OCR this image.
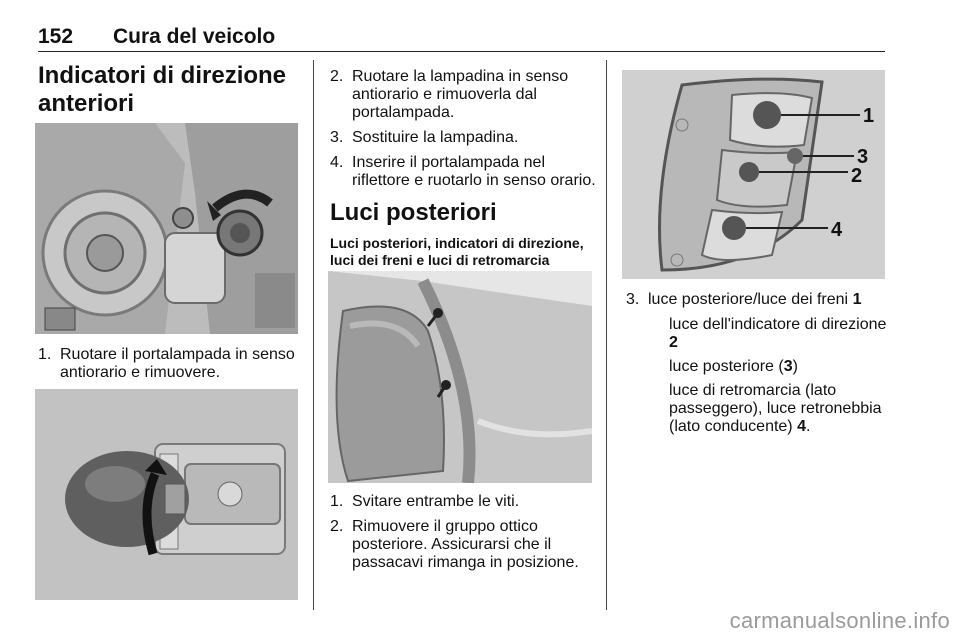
152 Cura del veicolo
Indicatori di direzione anteriori
1. Ruotare il portalampada in senso antiorario e rimuovere.
2. Ruotare la lampadina in senso antiorario e rimuoverla dal portalampada.
3. Sostituire la lampadina.
4. Inserire il portalampada nel riflettore e ruotarlo in senso orario.
Luci posteriori
Luci posteriori, indicatori di direzione, luci dei freni e luci di retromarcia
1. Svitare entrambe le viti.
2. Rimuovere il gruppo ottico posteriore. Assicurarsi che il passacavi rimanga in posizione.
1
3
2
4
3. luce posteriore/luce dei freni 1
luce dell'indicatore di direzione 2
luce posteriore (3)
luce di retromarcia (lato passeggero), luce retronebbia (lato conducente) 4.
carmanualsonline.info
